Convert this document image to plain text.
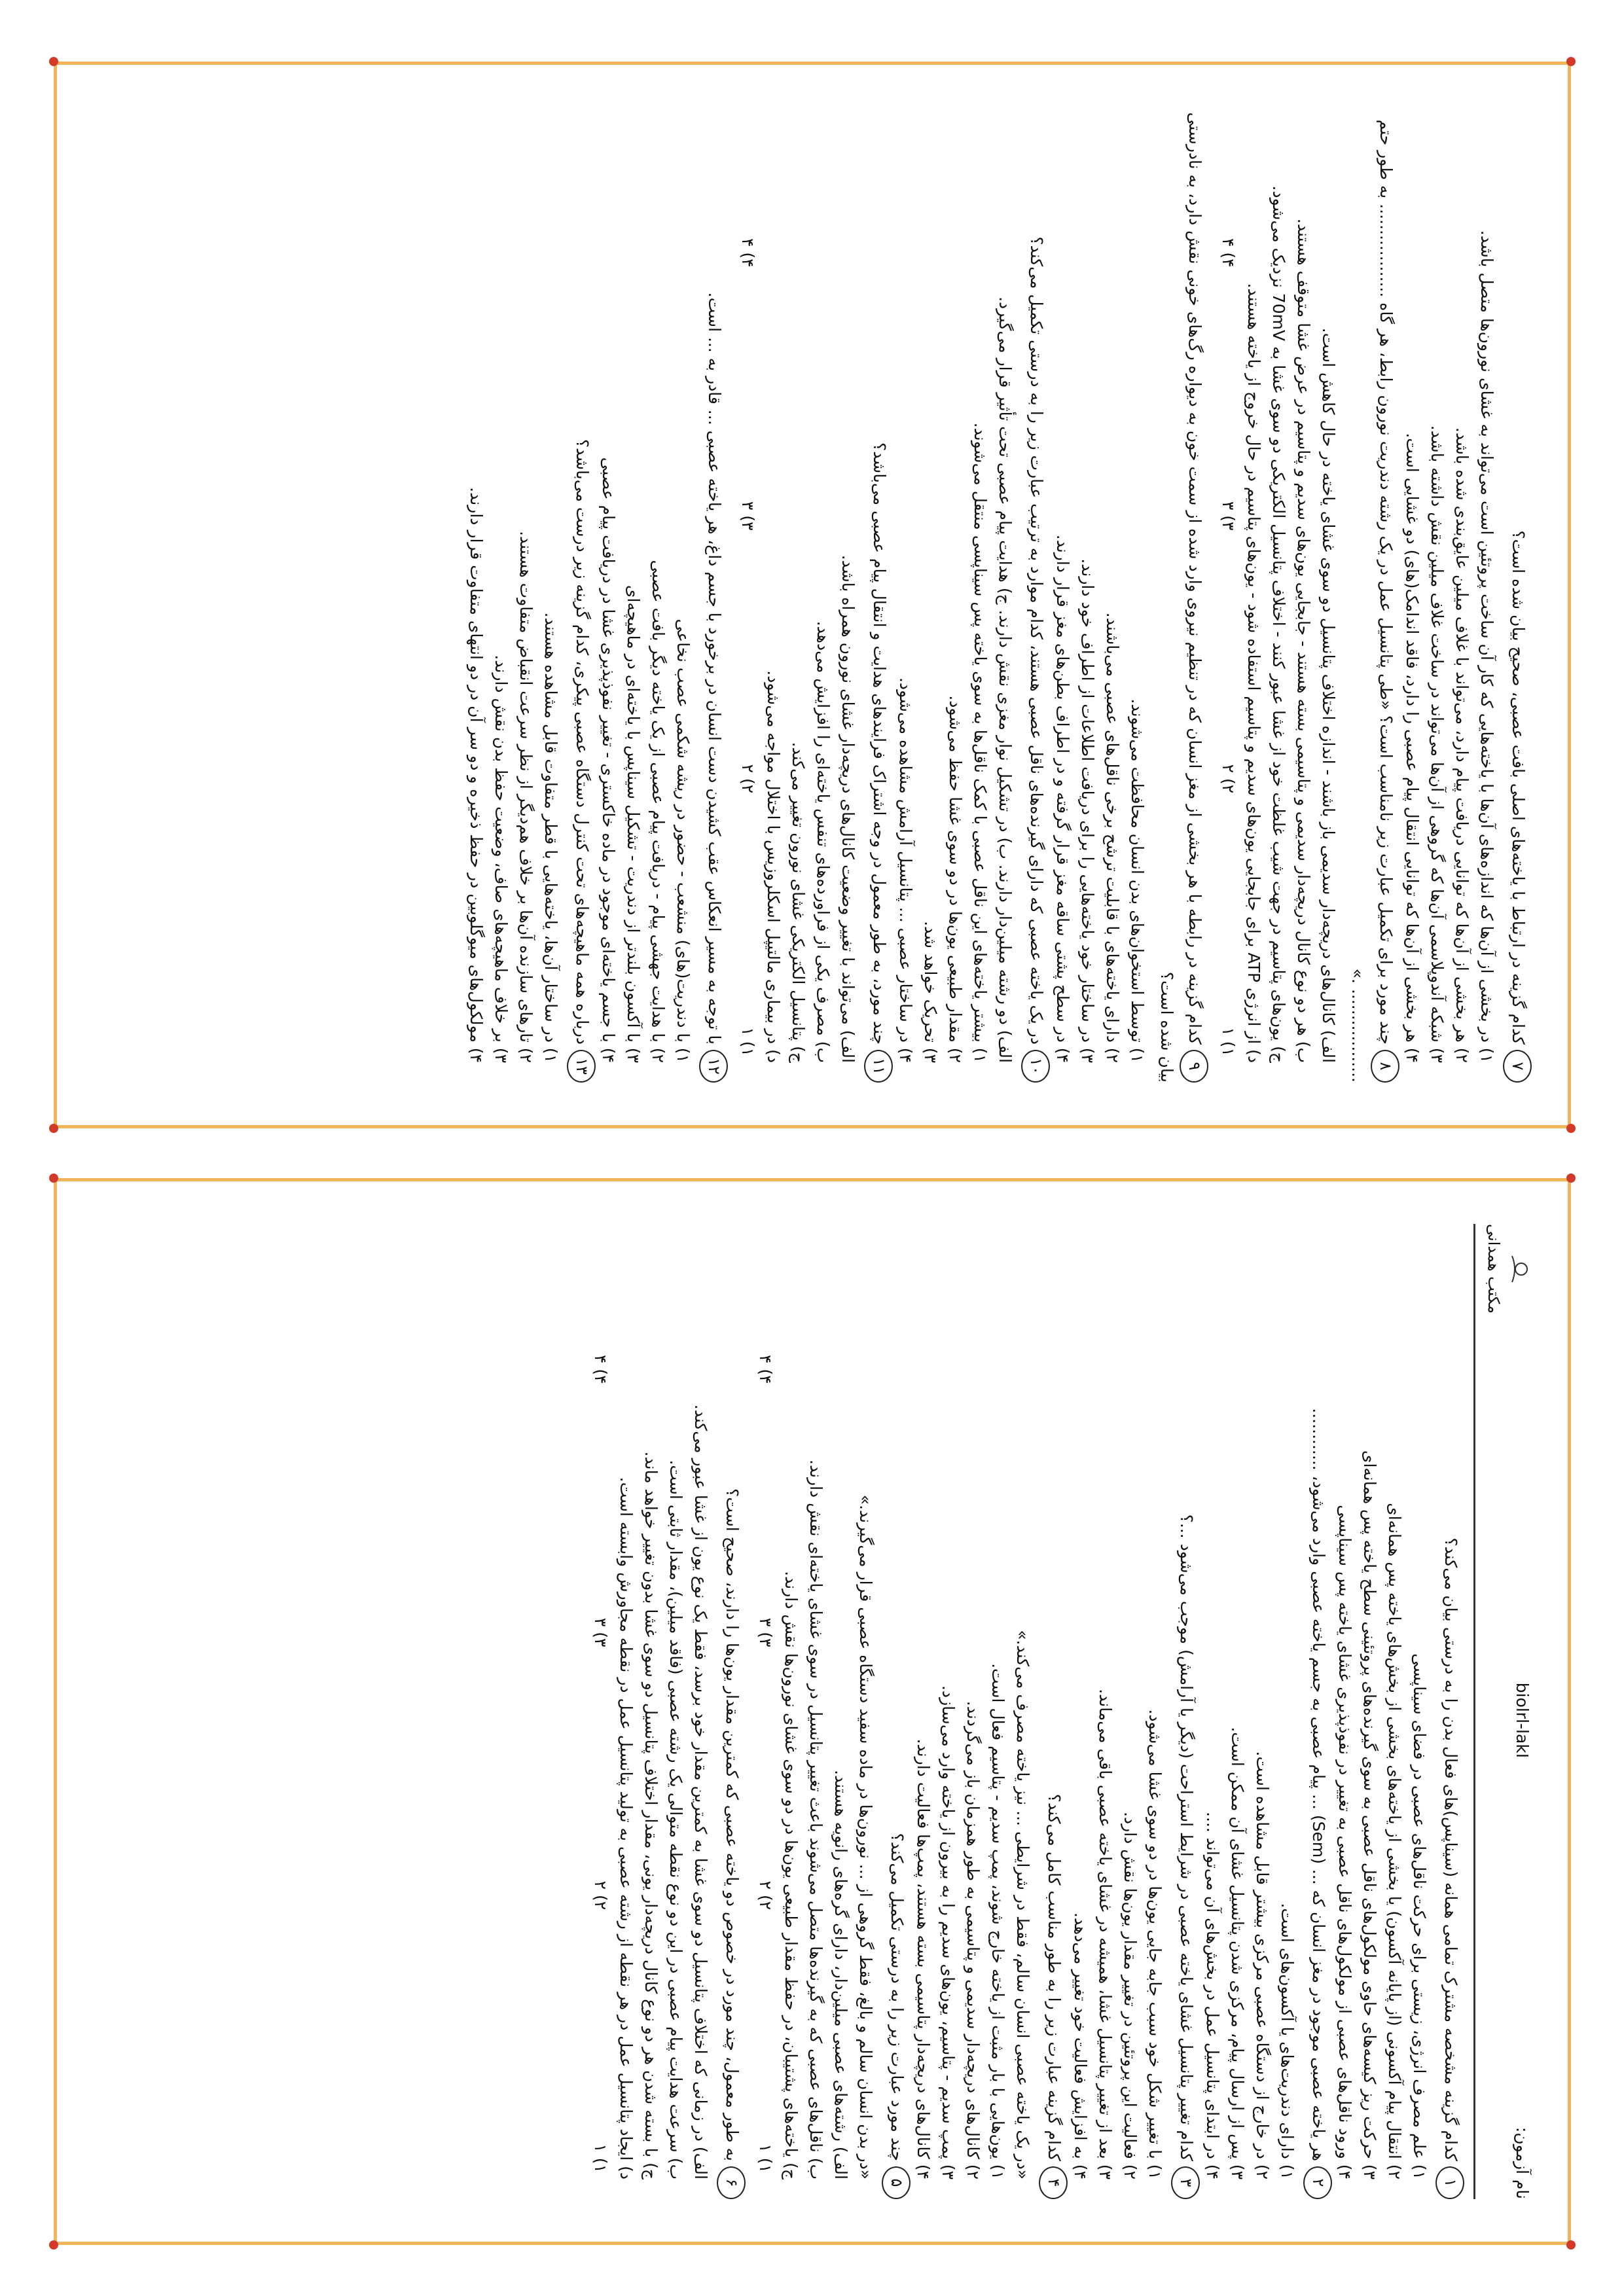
نام آزمون:
biolrl-lakI

مکتب همدانی
۱کدام گزینه مشخصه مشترک تمامی همانه (سیناپس)های فعال بدن را به درستی بیان می‌کند؟
۱) علم مصرف انرژی، زیستی برای حرکت ناقل‌های عصبی در فضای سیناپسی
۲) انتقال پیام آکسونی (از پایانه آکسون) یا بخشی از یاخته‌های بخشی از بخش‌های یاخته پس همانه‌ای
۳) حرکت ریز کیسه‌های حاوی مولکول‌های ناقل عصبی به سوی گیرنده‌های پروتئینی سطح یاخته پس همانه‌ای
۴) ورود ناقل‌های عصبی از مولکول‌های ناقل عصبی به تغییر در نفوذپذیری غشای یاخته پس سیناپسی
۲هر یاخته عصبی موجود در مغز انسان که ... (Sem) ... پیام عصبی به جسم یاخته عصبی وارد می‌شود، ............
۱) دارای دندریت‌های یا آکسون‌های است.
۲) در خارج از دستگاه عصبی مرکزی بیشتر قابل مشاهده است.
۳) پس از ارسال پیام، مرکزی شدن پتانسیل غشای آن ممکن است.
۴) در ابتدای پتانسیل عمل در بخش‌های آن می‌تواند ....
۳کدام تغییر پتانسیل غشای یاخته عصبی در شرایط استراحت (دیگر یا آرامش) موجب می‌شود ...؟
۱) با تغییر شکل خود سبب جابه جایی یون‌ها در دو سوی غشا می‌شود.
۲) فعالیت این پروتئین در تغییر مقدار یون‌ها نقش دارد.
۳) بعد از تغییر پتانسیل غشا، همیشه در غشای یاخته عصبی باقی می‌ماند.
۴) به افزایش فعالیت خود تغییر می‌دهد.
۴کدام گزینه عبارت زیر را به طور مناسب کامل می‌کند؟
«در یک یاخته عصبی انسان سالم، فقط در شرایطی ... نیز یاخته مصرف می‌کند.»
۱) یون‌هایی با بار مثبت از یاخته خارج شوند، پمپ سدیم - پتاسیم فعال است.
۲) کانال‌های دریچه‌دار سدیمی و پتاسیمی به طور همزمان باز می‌گردند.
۳) پمپ سدیم - پتاسیم، یون‌های سدیم را به بیرون از یاخته وارد می‌سازد.
۴) کانال‌های دریچه‌دار پتاسیمی بسته هستند، پمپ‌ها فعالیت دارند.
۵چند مورد عبارت زیر را به درستی تکمیل می‌کند؟
«در بدن انسان سالم و بالغ، فقط گروهی از ... نورون‌ها در ماده سفید دستگاه عصبی قرار می‌گیرند.»
الف) رشته‌های عصبی میلین‌دار، دارای گره‌های رانویه هستند.
ب) ناقل‌های عصبی که به گیرنده‌ها متصل می‌شوند باعث تغییر پتانسیل در سوی غشای یاخته‌ای نقش دارند.
ج) یاخته‌های پشتیبان، در حفظ مقدار طبیعی یون‌ها در دو سوی غشای نورون‌ها نقش دارند.
۱) ۱
۲) ۲
۳) ۳
۴) ۴
۶به طور معمول، چند مورد در خصوص دو یاخته عصبی که کمترین مقدار یون‌ها را دارند، صحیح است؟
الف) در زمانی که اختلاف پتانسیل دو سوی غشا به کمترین مقدار خود برسد، فقط یک نوع یون از غشا عبور می‌کند.
ب) سرعت هدایت پیام عصبی در این دو نوع نقطه متوالی یک رشته عصبی (فاقد میلین)، مقدار ثابتی است.
ج) با بسته شدن هر دو نوع کانال دریچه‌دار یونی، مقدار اختلاف پتانسیل دو سوی غشا بدون تغییر خواهد ماند.
د) ایجاد پتانسیل عمل در هر نقطه از رشته عصبی به تولید پتانسیل عمل در نقطه مجاورش وابسته است.
۱) ۱
۲) ۲
۳) ۳
۴) ۴
۷کدام گزینه در ارتباط با یاخته‌های اصلی بافت عصبی، صحیح بیان شده است؟
۱) در بخشی از آن‌ها که اندازه‌های آن‌ها با یاخته‌هایی که کار آن ساخت پروتئین است می‌تواند به غشای نورون‌ها متصل باشد.
۲) هر بخشی از آن‌ها که توانایی دریافت پیام دارد، می‌تواند با غلاف میلین عایق‌بندی شده باشد.
۳) شبکه آندوپلاسمی آن‌ها که گروهی از آن‌ها می‌تواند در ساخت غلاف میلین نقش داشته باشد.
۴) هر بخشی از آن‌ها که توانایی انتقال پیام عصبی را دارد، فاقد اندامک(های) دو غشایی است.
۸چند مورد برای تکمیل عبارت زیر نامناسب است؟ «طی پتانسیل عمل در یک رشته دندریت نورون رابط، هر گاه .................. به طور حتم .................. .»
الف) کانال‌های دریچه‌دار سدیمی باز باشند - اندازه اختلاف پتانسیل دو سوی غشای یاخته در حال کاهش است.
ب) هر دو نوع کانال دریچه‌دار سدیمی و پتاسیمی بسته هستند - جابجایی یون‌های سدیم و پتاسیم در عرض غشا متوقف هستند.
ج) یون‌های پتاسیم در جهت شیب غلظت خود از غشا عبور کنند - اختلاف پتانسیل الکتریکی دو سوی غشا به 70mV نزدیک می‌شود.
د) از انرژی ATP برای جابجایی یون‌های سدیم و پتاسیم استفاده شود - یون‌های پتاسیم در حال خروج از یاخته هستند.
۱) ۱
۲) ۲
۳) ۳
۴) ۴
۹کدام گزینه در رابطه با هر بخشی از مغز انسان که در تنظیم نیروی وارد شده از سمت خون به دیواره رگ‌های خونی نقش دارد، به نادرستی بیان شده است؟
۱) توسط استخوان‌های بدن انسان محافظت می‌شوند.
۲) دارای یاخته‌های با قابلیت ترشح برخی ناقل‌های عصبی می‌باشند.
۳) در ساختار خود یاخته‌هایی را برای دریافت اطلاعات از اطراف خود دارند.
۴) در سطح پشتی ساقه مغز قرار گرفته و در اطراف بطن‌های مغز قرار دارند.
۱۰در یک یاخته عصبی که دارای گیرنده‌های ناقل عصبی هستند، کدام موارد به ترتیب عبارت زیر را به درستی تکمیل می‌کند؟
الف) دو رشته میلین‌دار دارند. ب) در تشکیل نوار مغزی نقش دارند. ج) هدایت پیام عصبی تحت تأثیر قرار می‌گیرد.
۱) بیشتر یاخته‌های این ناقل عصبی با کمک ناقل‌ها به سوی یاخته پس سیناپسی منتقل می‌شوند.
۲) مقدار طبیعی یون‌ها در دو سوی غشا حفظ می‌شود.
۳) تحریک خواهد شد.
۴) در ساختار عصبی ... پتانسیل آرامش مشاهده می‌شود.
۱۱چند مورد، به طور معمول در وجه اشتراک فرایندهای هدایت و انتقال پیام عصبی می‌باشد؟
الف) می‌تواند با تغییر وضعیت کانال‌های دریچه‌دار غشای نورون همراه باشد.
ب) مصرف یکی از فراورده‌های تنفس یاخته‌ای را افزایش می‌دهد.
ج) پتانسیل الکتریکی غشای نورون تغییر می‌کند.
د) در بیماری مالتیپل اسکلروزیس با اختلال مواجه می‌شود.
۱) ۱
۲) ۲
۳) ۳
۴) ۴
۱۲با توجه به مسیر انعکاس عقب کشیدن دست انسان در برخورد با جسم داغ، هر یاخته عصبی ... قادر به ... است.
۱) با دندریت(های) منشعب - حضور در ریشه شکمی عصب نخاعی
۲) با هدایت جهشی پیام - دریافت پیام عصبی از یک یاخته دیگر بافت عصبی
۳) با آکسون بلندتر از دندریت - تشکیل سیناپس با یاخته‌ای در ماهیچه‌ای
۴) با جسم یاخته‌ای موجود در ماده خاکستری - تغییر نفوذپذیری غشا در دریافت پیام عصبی
۱۳درباره همه ماهیچه‌های تحت کنترل دستگاه عصبی پیکری، کدام گزینه زیر درست می‌باشد؟
۱) در ساختار آن‌ها، یاخته‌هایی با قطر متفاوت قابل مشاهده هستند.
۲) تارهای سازنده آن‌ها بر خلاف هم‌دیگر از نظر سرعت انقباض متفاوت هستند.
۳) بر خلاف ماهیچه‌های صاف، وضعیت حفظ بدن نقش دارند.
۴) مولکول‌های میوگلوبین در حفظ ذخیره و دو سر آن در دو انتهای متفاوت قرار دارند.
